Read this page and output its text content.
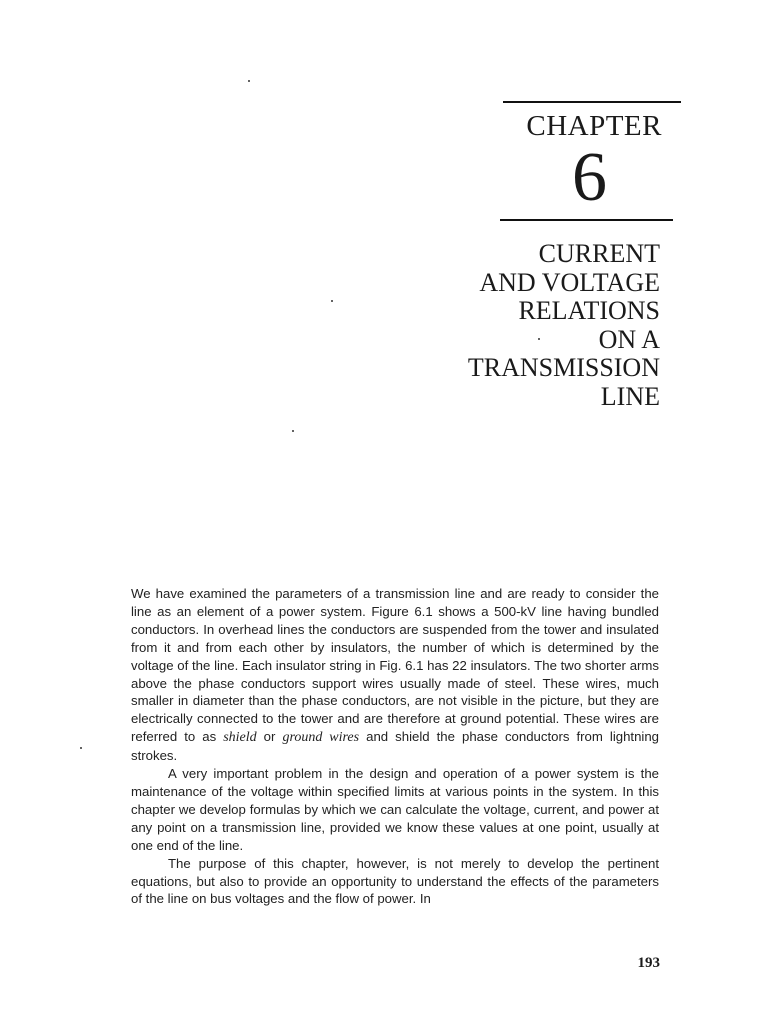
CHAPTER
6
CURRENT
AND VOLTAGE
RELATIONS
ON A
TRANSMISSION
LINE

We have examined the parameters of a transmission line and are ready to consider the line as an element of a power system. Figure 6.1 shows a 500-kV line having bundled conductors. In overhead lines the conductors are suspended from the tower and insulated from it and from each other by insulators, the number of which is determined by the voltage of the line. Each insulator string in Fig. 6.1 has 22 insulators. The two shorter arms above the phase conductors support wires usually made of steel. These wires, much smaller in diameter than the phase conductors, are not visible in the picture, but they are electrically connected to the tower and are therefore at ground potential. These wires are referred to as shield or ground wires and shield the phase conductors from lightning strokes.

A very important problem in the design and operation of a power system is the maintenance of the voltage within specified limits at various points in the system. In this chapter we develop formulas by which we can calculate the voltage, current, and power at any point on a transmission line, provided we know these values at one point, usually at one end of the line.

The purpose of this chapter, however, is not merely to develop the pertinent equations, but also to provide an opportunity to understand the effects of the parameters of the line on bus voltages and the flow of power. In

193
